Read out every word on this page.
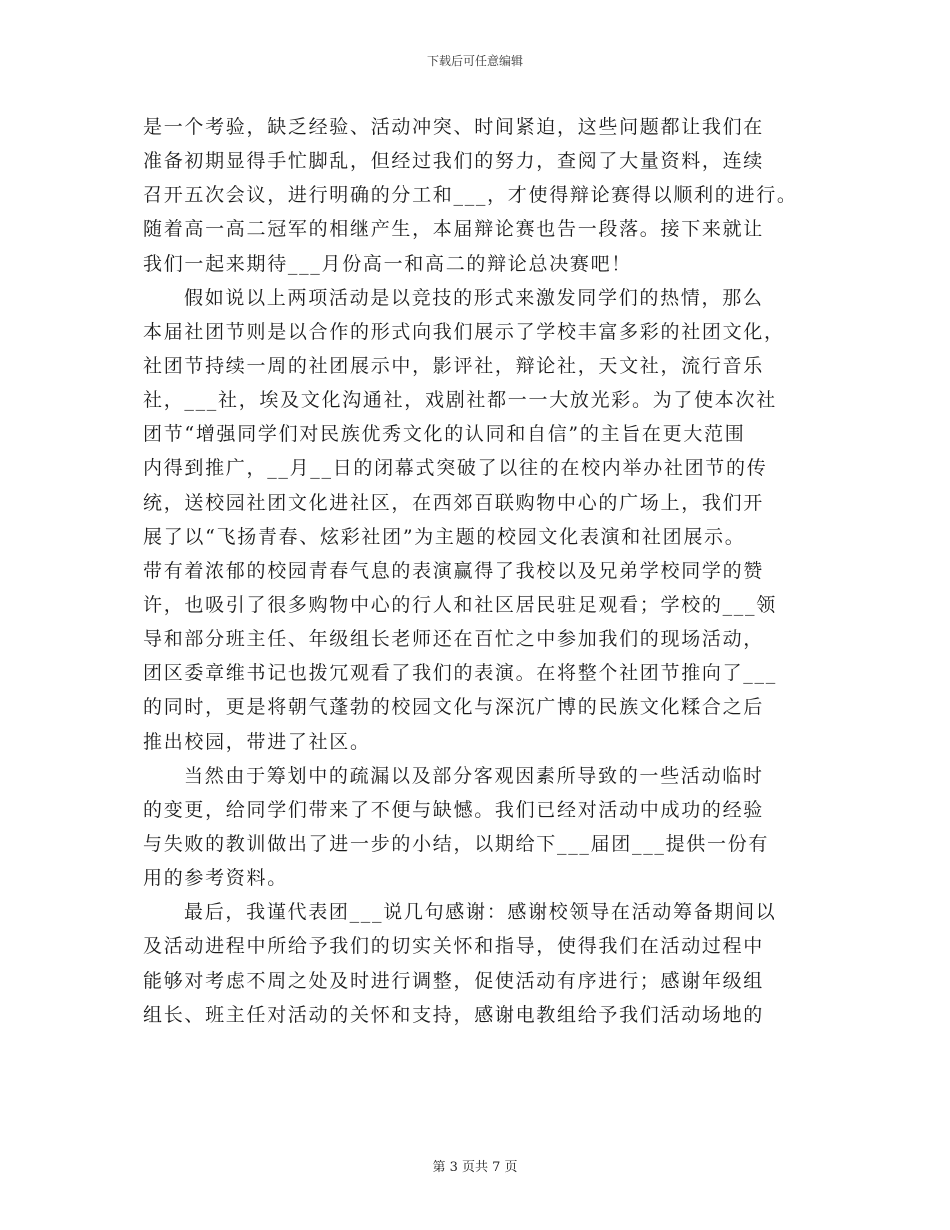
下载后可任意编辑
是一个考验，缺乏经验、活动冲突、时间紧迫，这些问题都让我们在
准备初期显得手忙脚乱，但经过我们的努力，查阅了大量资料，连续
召开五次会议，进行明确的分工和___，才使得辩论赛得以顺利的进行。
随着高一高二冠军的相继产生，本届辩论赛也告一段落。接下来就让
我们一起来期待___月份高一和高二的辩论总决赛吧！
假如说以上两项活动是以竞技的形式来激发同学们的热情，那么
本届社团节则是以合作的形式向我们展示了学校丰富多彩的社团文化，
社团节持续一周的社团展示中，影评社，辩论社，天文社，流行音乐
社，___社，埃及文化沟通社，戏剧社都一一大放光彩。为了使本次社
团节“增强同学们对民族优秀文化的认同和自信”的主旨在更大范围
内得到推广，__月__日的闭幕式突破了以往的在校内举办社团节的传
统，送校园社团文化进社区，在西郊百联购物中心的广场上，我们开
展了以“飞扬青春、炫彩社团”为主题的校园文化表演和社团展示。
带有着浓郁的校园青春气息的表演赢得了我校以及兄弟学校同学的赞
许，也吸引了很多购物中心的行人和社区居民驻足观看；学校的___领
导和部分班主任、年级组长老师还在百忙之中参加我们的现场活动，
团区委章维书记也拨冗观看了我们的表演。在将整个社团节推向了___
的同时，更是将朝气蓬勃的校园文化与深沉广博的民族文化糅合之后
推出校园，带进了社区。
当然由于筹划中的疏漏以及部分客观因素所导致的一些活动临时
的变更，给同学们带来了不便与缺憾。我们已经对活动中成功的经验
与失败的教训做出了进一步的小结，以期给下___届团___提供一份有
用的参考资料。
最后，我谨代表团___说几句感谢：感谢校领导在活动筹备期间以
及活动进程中所给予我们的切实关怀和指导，使得我们在活动过程中
能够对考虑不周之处及时进行调整，促使活动有序进行；感谢年级组
组长、班主任对活动的关怀和支持，感谢电教组给予我们活动场地的
第 3 页共 7 页
